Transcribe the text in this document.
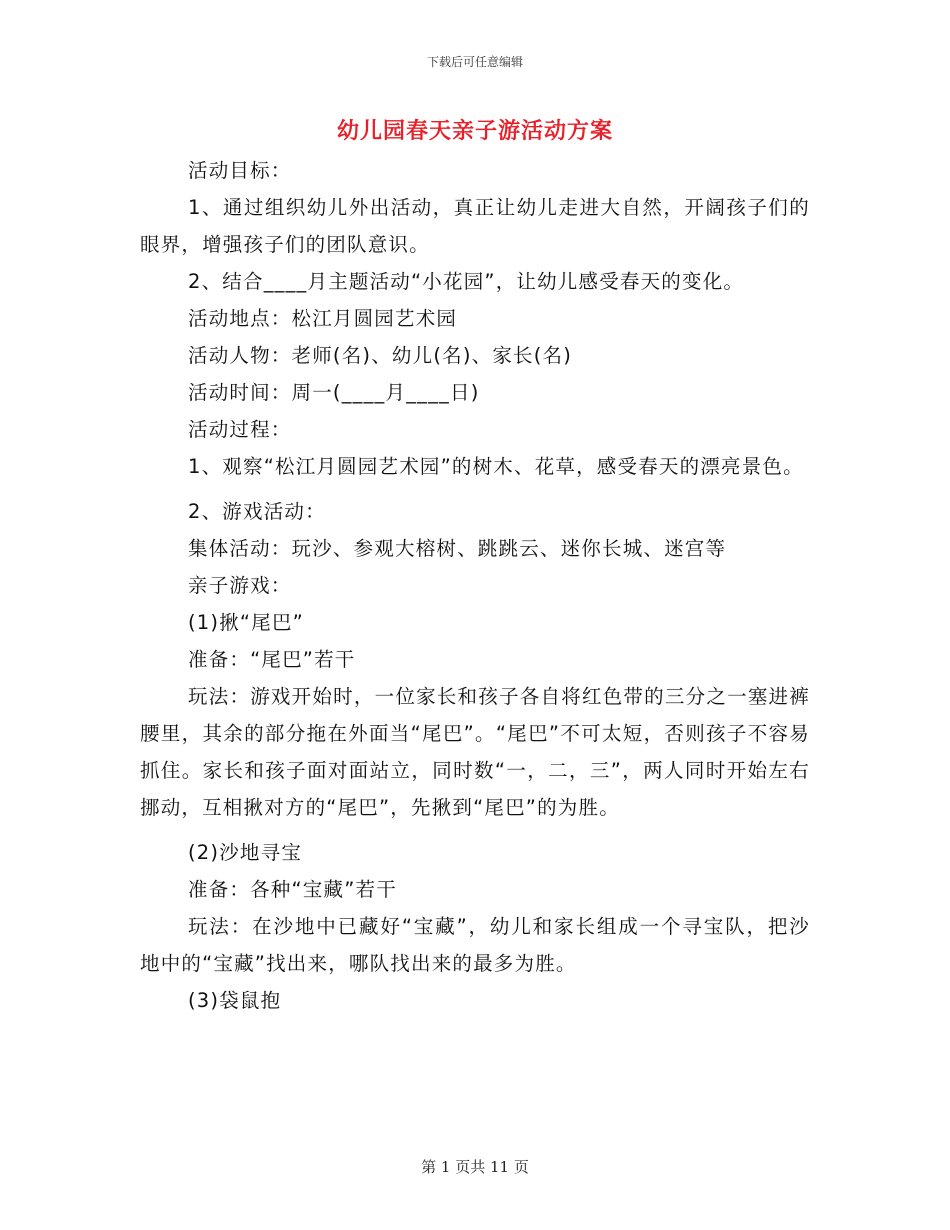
下载后可任意编辑
幼儿园春天亲子游活动方案

活动目标：

1、通过组织幼儿外出活动，真正让幼儿走进大自然，开阔孩子们的眼界，增强孩子们的团队意识。

2、结合____月主题活动“小花园”，让幼儿感受春天的变化。

活动地点：松江月圆园艺术园

活动人物：老师(名)、幼儿(名)、家长(名)

活动时间：周一(____月____日)

活动过程：

1、观察“松江月圆园艺术园”的树木、花草，感受春天的漂亮景色。

2、游戏活动：

集体活动：玩沙、参观大榕树、跳跳云、迷你长城、迷宫等

亲子游戏：

(1)揪“尾巴”

准备：“尾巴”若干

玩法：游戏开始时，一位家长和孩子各自将红色带的三分之一塞进裤腰里，其余的部分拖在外面当“尾巴”。“尾巴”不可太短，否则孩子不容易抓住。家长和孩子面对面站立，同时数“一，二，三”，两人同时开始左右挪动，互相揪对方的“尾巴”，先揪到“尾巴”的为胜。

(2)沙地寻宝

准备：各种“宝藏”若干

玩法：在沙地中已藏好“宝藏”，幼儿和家长组成一个寻宝队，把沙地中的“宝藏”找出来，哪队找出来的最多为胜。

(3)袋鼠抱

第 1 页共 11 页
